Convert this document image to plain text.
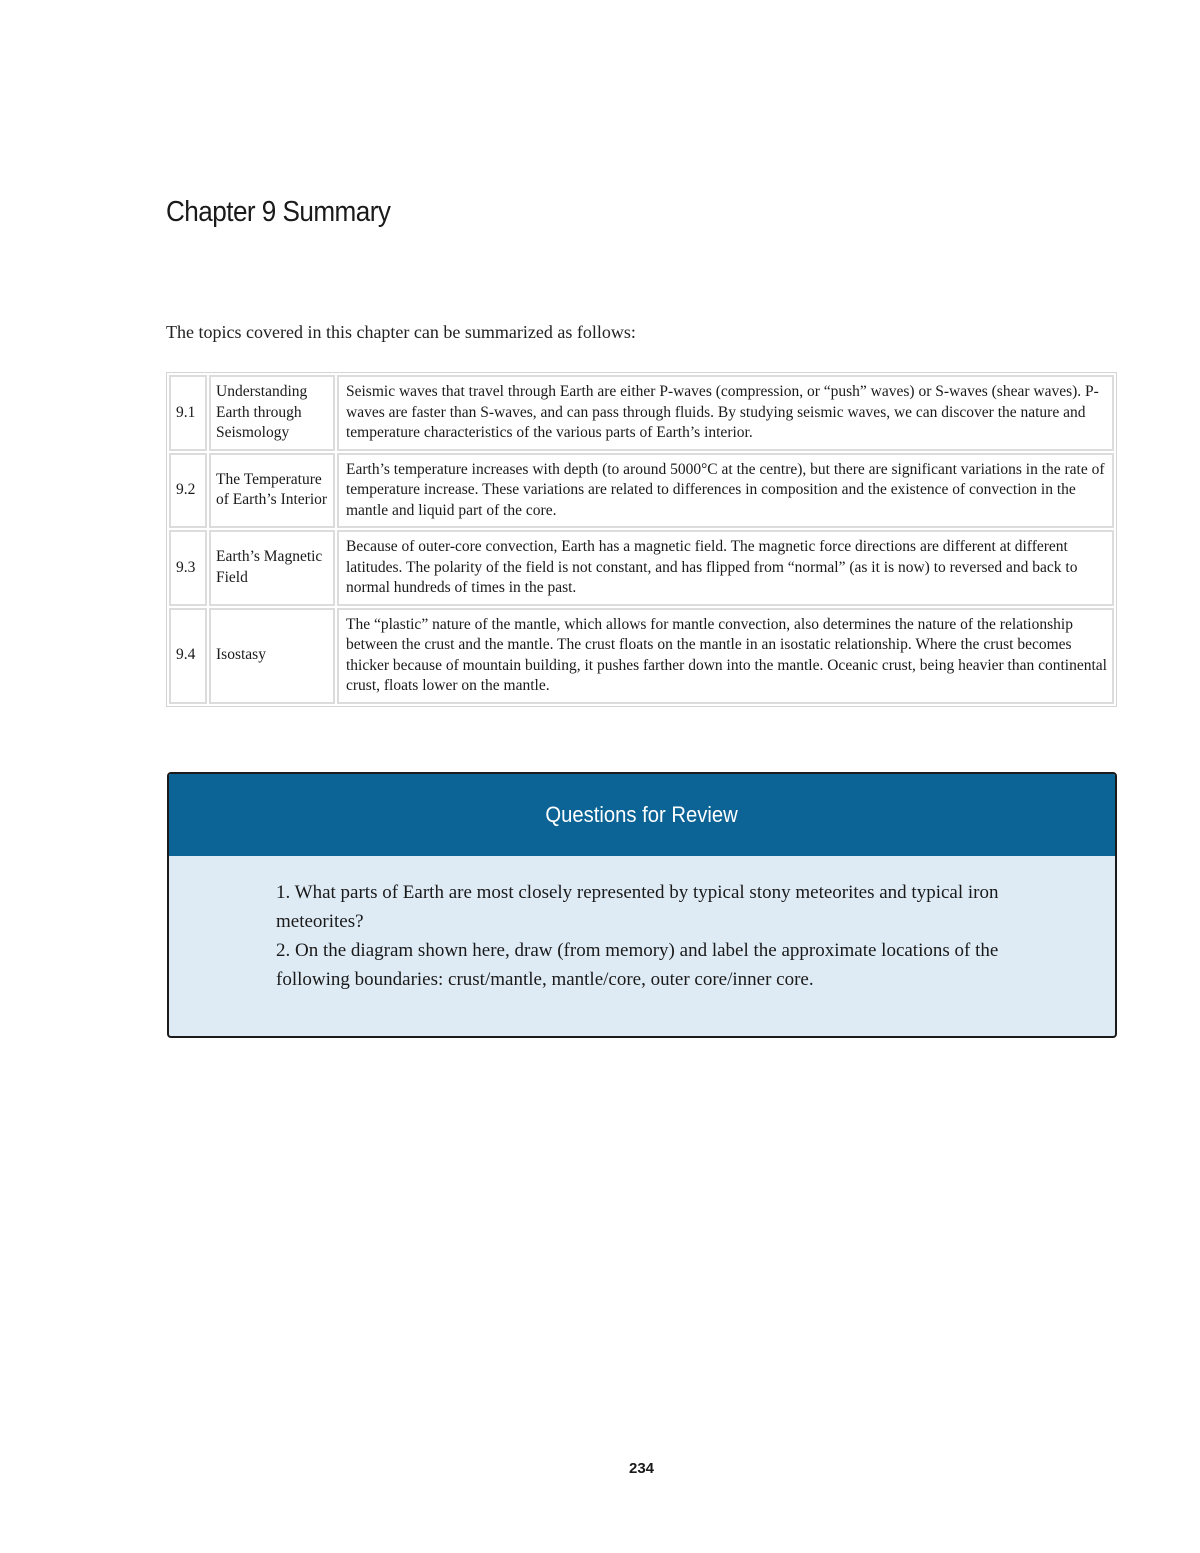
Chapter 9 Summary

The topics covered in this chapter can be summarized as follows:

9.1	Understanding Earth through Seismology	Seismic waves that travel through Earth are either P-waves (compression, or “push” waves) or S-waves (shear waves). P-waves are faster than S-waves, and can pass through fluids. By studying seismic waves, we can discover the nature and temperature characteristics of the various parts of Earth’s interior.
9.2	The Temperature of Earth’s Interior	Earth’s temperature increases with depth (to around 5000°C at the centre), but there are significant variations in the rate of temperature increase. These variations are related to differences in composition and the existence of convection in the mantle and liquid part of the core.
9.3	Earth’s Magnetic Field	Because of outer-core convection, Earth has a magnetic field. The magnetic force directions are different at different latitudes. The polarity of the field is not constant, and has flipped from “normal” (as it is now) to reversed and back to normal hundreds of times in the past.
9.4	Isostasy	The “plastic” nature of the mantle, which allows for mantle convection, also determines the nature of the relationship between the crust and the mantle. The crust floats on the mantle in an isostatic relationship. Where the crust becomes thicker because of mountain building, it pushes farther down into the mantle. Oceanic crust, being heavier than continental crust, floats lower on the mantle.
Questions for Review

1. What parts of Earth are most closely represented by typical stony meteorites and typical iron meteorites?

2. On the diagram shown here, draw (from memory) and label the approximate locations of the following boundaries: crust/mantle, mantle/core, outer core/inner core.

234
